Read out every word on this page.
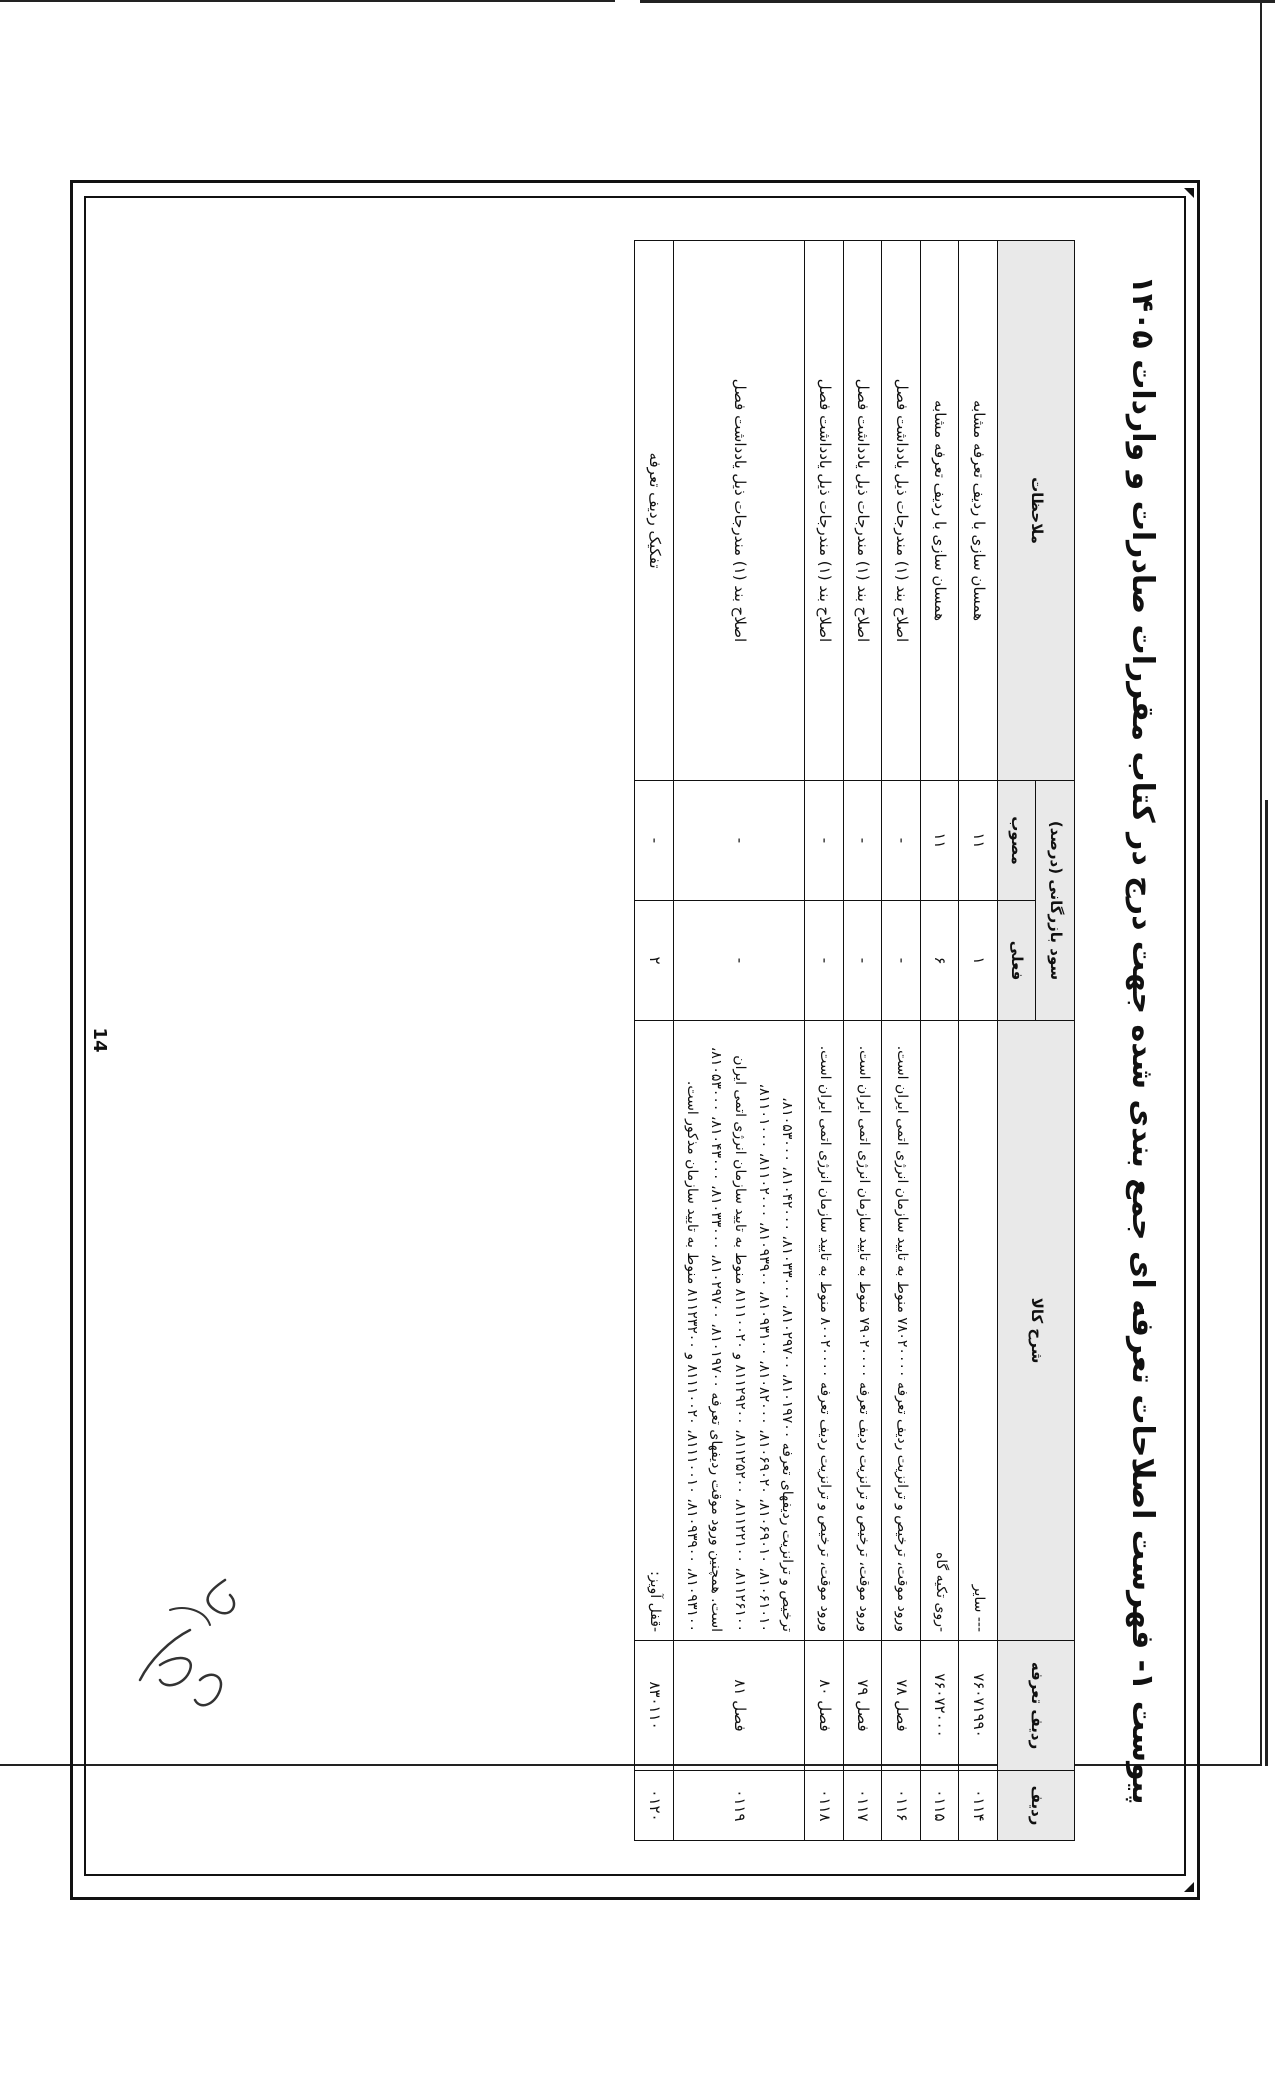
پیوست ۱- فهرست اصلاحات تعرفه ای جمع بندی شده جهت درج در کتاب مقررات صادرات و واردات ۱۴۰۵
ردیف	ردیف تعرفه	شرح کالا	سود بازرگانی (درصد)		ملاحظات
			فعلی	مصوب	
۰۱۱۴	۷۶۰۷۱۹۹۰	--- سایر	۱	۱۱	همسان سازی با ردیف تعرفه مشابه
۰۱۱۵	۷۶۰۷۲۰۰۰	-روی تکیه گاه	۶	۱۱	همسان سازی با ردیف تعرفه مشابه
۰۱۱۶	فصل ۷۸	ورود موقت، ترخیص و ترانزیت ردیف تعرفه ۷۸۰۲۰۰۰۰ منوط به تایید سازمان انرژی اتمی ایران است.	-	-	اصلاح بند (۱) مندرجات ذیل یادداشت فصل
۰۱۱۷	فصل ۷۹	ورود موقت، ترخیص و ترانزیت ردیف تعرفه ۷۹۰۲۰۰۰۰ منوط به تایید سازمان انرژی اتمی ایران است.	-	-	اصلاح بند (۱) مندرجات ذیل یادداشت فصل
۰۱۱۸	فصل ۸۰	ورود موقت، ترخیص و ترانزیت ردیف تعرفه ۸۰۰۲۰۰۰۰ منوط به تایید سازمان انرژی اتمی ایران است.	-	-	اصلاح بند (۱) مندرجات ذیل یادداشت فصل
۰۱۱۹	فصل ۸۱	ترخیص و ترانزیت ردیفهای تعرفه ۸۱۰۱۹۷۰۰، ۸۱۰۲۹۷۰۰، ۸۱۰۳۳۰۰۰، ۸۱۰۴۲۰۰۰، ۸۱۰۵۳۰۰۰، ۸۱۰۶۱۰۱۰، ۸۱۰۶۹۰۱۰، ۸۱۰۶۹۰۲۰، ۸۱۰۸۲۰۰۰، ۸۱۰۹۳۱۰۰، ۸۱۰۹۳۹۰۰، ۸۱۱۰۲۰۰۰، ۸۱۱۰۱۰۰۰، ۸۱۱۲۶۱۰۰، ۸۱۱۲۲۱۰۰، ۸۱۱۲۵۲۰۰، ۸۱۱۲۹۲۰۰ و ۸۱۱۱۰۰۲۰ منوط به تایید سازمان انرژی اتمی ایران است. همچنین ورود موقت ردیفهای تعرفه ۸۱۰۱۹۷۰۰، ۸۱۰۲۹۷۰۰، ۸۱۰۳۳۰۰۰، ۸۱۰۴۳۰۰۰، ۸۱۰۵۳۰۰۰، ۸۱۰۹۳۱۰۰، ۸۱۰۹۳۹۰۰، ۸۱۱۱۰۰۱۰، ۸۱۱۱۰۰۲۰ و ۸۱۱۲۳۲۰۰ منوط به تایید سازمان مذکور است.	-	-	اصلاح بند (۱) مندرجات ذیل یادداشت فصل
۰۱۲۰	۸۳۰۱۱۰	-قفل آویز:	۲	-	تفکیک ردیف تعرفه
14
